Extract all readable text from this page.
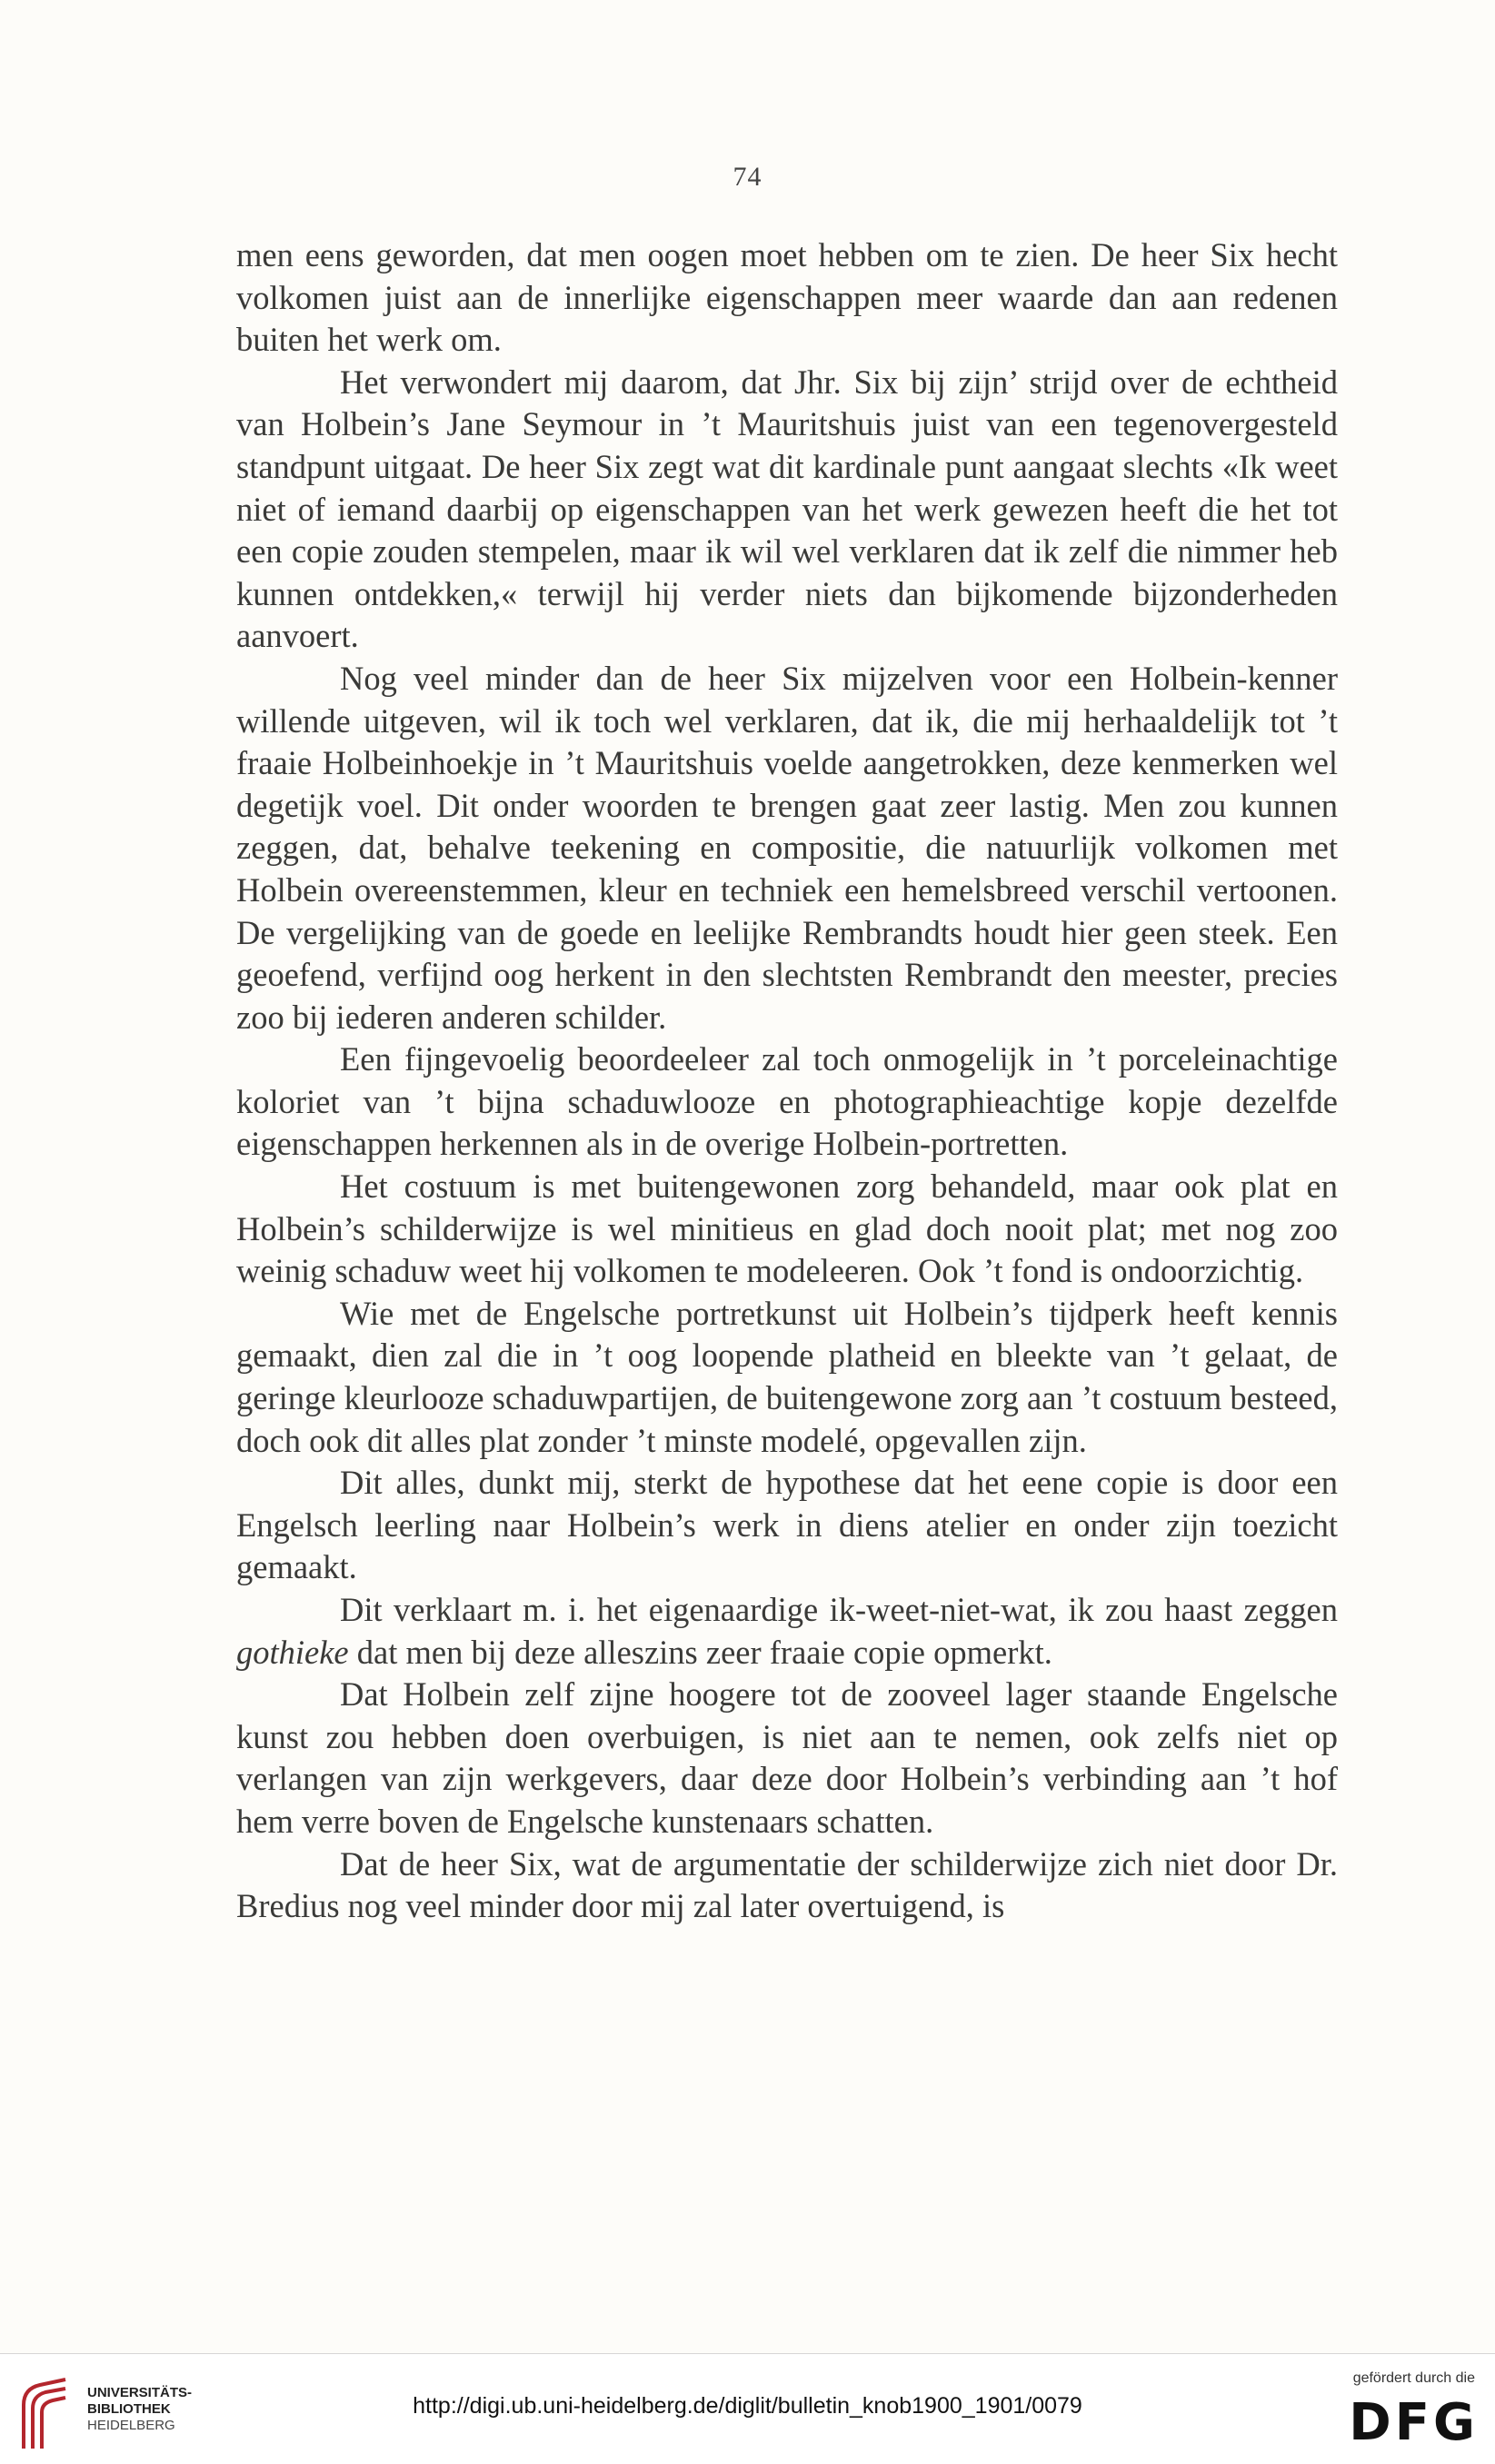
74

men eens geworden, dat men oogen moet hebben om te zien. De heer Six hecht volkomen juist aan de innerlijke eigenschappen meer waarde dan aan redenen buiten het werk om.

Het verwondert mij daarom, dat Jhr. Six bij zijn’ strijd over de echtheid van Holbein’s Jane Seymour in ’t Mauritshuis juist van een tegenovergesteld standpunt uitgaat. De heer Six zegt wat dit kardinale punt aangaat slechts «Ik weet niet of iemand daarbij op eigenschappen van het werk gewezen heeft die het tot een copie zouden stempelen, maar ik wil wel verklaren dat ik zelf die nimmer heb kunnen ontdekken,« terwijl hij verder niets dan bijkomende bijzonderheden aanvoert.

Nog veel minder dan de heer Six mijzelven voor een Holbein-kenner willende uitgeven, wil ik toch wel verklaren, dat ik, die mij herhaaldelijk tot ’t fraaie Holbeinhoekje in ’t Mauritshuis voelde aangetrokken, deze kenmerken wel degetijk voel. Dit onder woorden te brengen gaat zeer lastig. Men zou kunnen zeggen, dat, behalve teekening en compositie, die natuurlijk volkomen met Holbein overeenstemmen, kleur en techniek een hemelsbreed verschil vertoonen. De vergelijking van de goede en leelijke Rembrandts houdt hier geen steek. Een geoefend, verfijnd oog herkent in den slechtsten Rembrandt den meester, precies zoo bij iederen anderen schilder.

Een fijngevoelig beoordeeleer zal toch onmogelijk in ’t porceleinachtige koloriet van ’t bijna schaduwlooze en photographieachtige kopje dezelfde eigenschappen herkennen als in de overige Holbein-portretten.

Het costuum is met buitengewonen zorg behandeld, maar ook plat en Holbein’s schilderwijze is wel minitieus en glad doch nooit plat; met nog zoo weinig schaduw weet hij volkomen te modeleeren. Ook ’t fond is ondoorzichtig.

Wie met de Engelsche portretkunst uit Holbein’s tijdperk heeft kennis gemaakt, dien zal die in ’t oog loopende platheid en bleekte van ’t gelaat, de geringe kleurlooze schaduwpartijen, de buitengewone zorg aan ’t costuum besteed, doch ook dit alles plat zonder ’t minste modelé, opgevallen zijn.

Dit alles, dunkt mij, sterkt de hypothese dat het eene copie is door een Engelsch leerling naar Holbein’s werk in diens atelier en onder zijn toezicht gemaakt.

Dit verklaart m. i. het eigenaardige ik-weet-niet-wat, ik zou haast zeggen gothieke dat men bij deze alleszins zeer fraaie copie opmerkt.

Dat Holbein zelf zijne hoogere tot de zooveel lager staande Engelsche kunst zou hebben doen overbuigen, is niet aan te nemen, ook zelfs niet op verlangen van zijn werkgevers, daar deze door Holbein’s verbinding aan ’t hof hem verre boven de Engelsche kunstenaars schatten.

Dat de heer Six, wat de argumentatie der schilderwijze zich niet door Dr. Bredius nog veel minder door mij zal later overtuigend, is

UNIVERSITÄTS-
BIBLIOTHEK
HEIDELBERG
http://digi.ub.uni-heidelberg.de/diglit/bulletin_knob1900_1901/0079
gefördert durch die
DFG
